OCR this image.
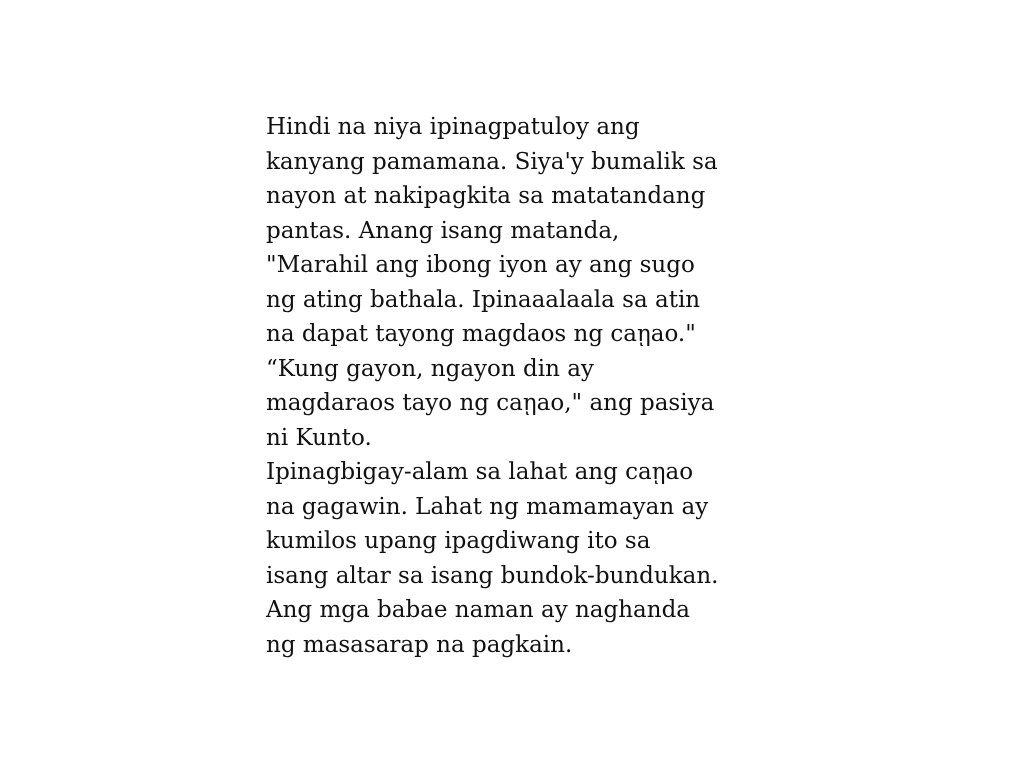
Hindi na niya ipinagpatuloy ang
kanyang pamamana. Siya'y bumalik sa
nayon at nakipagkita sa matatandang
pantas. Anang isang matanda,
"Marahil ang ibong iyon ay ang sugo
ng ating bathala. Ipinaaalaala sa atin
na dapat tayong magdaos ng caῃao."
“Kung gayon, ngayon din ay
magdaraos tayo ng caῃao," ang pasiya
ni Kunto.
Ipinagbigay-alam sa lahat ang caῃao
na gagawin. Lahat ng mamamayan ay
kumilos upang ipagdiwang ito sa
isang altar sa isang bundok-bundukan.
Ang mga babae naman ay naghanda
ng masasarap na pagkain.
